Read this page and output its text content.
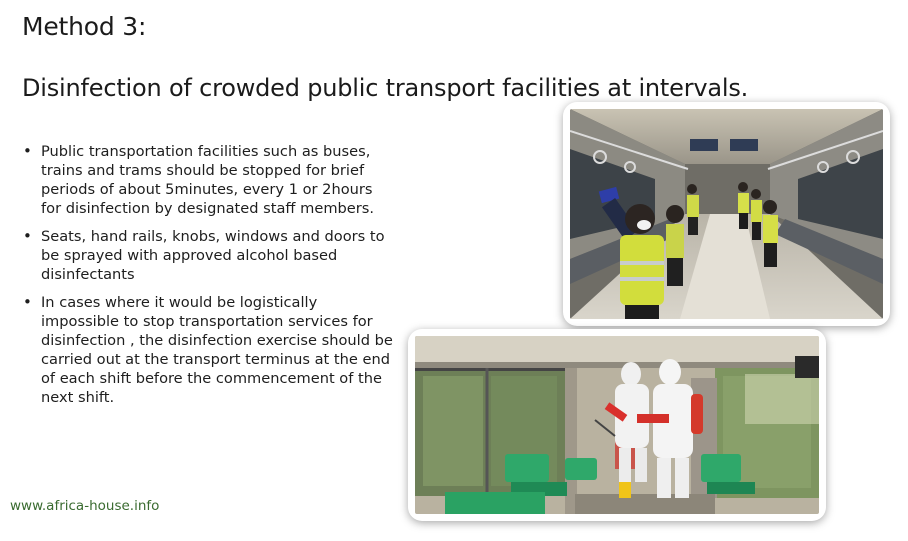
Method 3:
Disinfection of crowded public transport facilities at intervals.
• Public transportation facilities such as buses, trains and trams should be stopped for brief periods of about 5minutes, every 1 or 2hours for disinfection by designated staff members.
• Seats, hand rails, knobs, windows and doors to be sprayed with approved alcohol based disinfectants
• In cases where it would be logistically impossible to stop transportation services for disinfection , the disinfection exercise should be carried out at the transport terminus at the end of each shift before the commencement of the next shift.
www.africa-house.info
